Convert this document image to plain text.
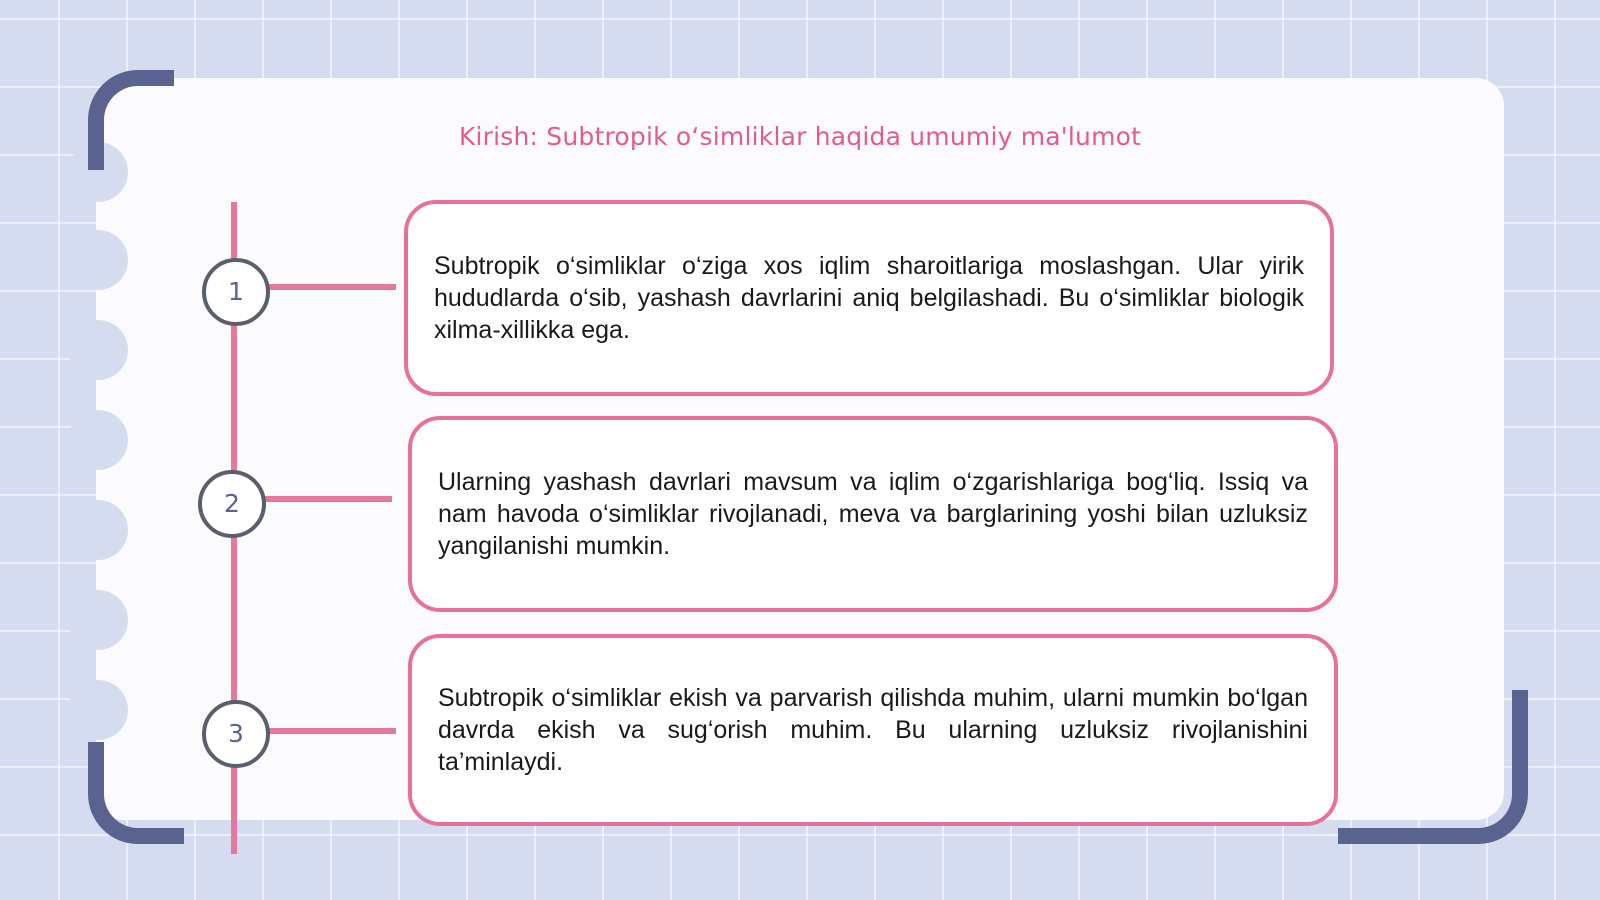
Kirish: Subtropik oʻsimliklar haqida umumiy ma'lumot
1
2
3

Subtropik o‘simliklar o‘ziga xos iqlim sharoitlariga moslashgan. Ular yirik hududlarda o‘sib, yashash davrlarini aniq belgilashadi. Bu o‘simliklar biologik xilma-xillikka ega.

Ularning yashash davrlari mavsum va iqlim o‘zgarishlariga bog‘liq. Issiq va nam havoda o‘simliklar rivojlanadi, meva va barglarining yoshi bilan uzluksiz yangilanishi mumkin.

Subtropik o‘simliklar ekish va parvarish qilishda muhim, ularni mumkin bo‘lgan davrda ekish va sug‘orish muhim. Bu ularning uzluksiz rivojlanishini ta’minlaydi.
